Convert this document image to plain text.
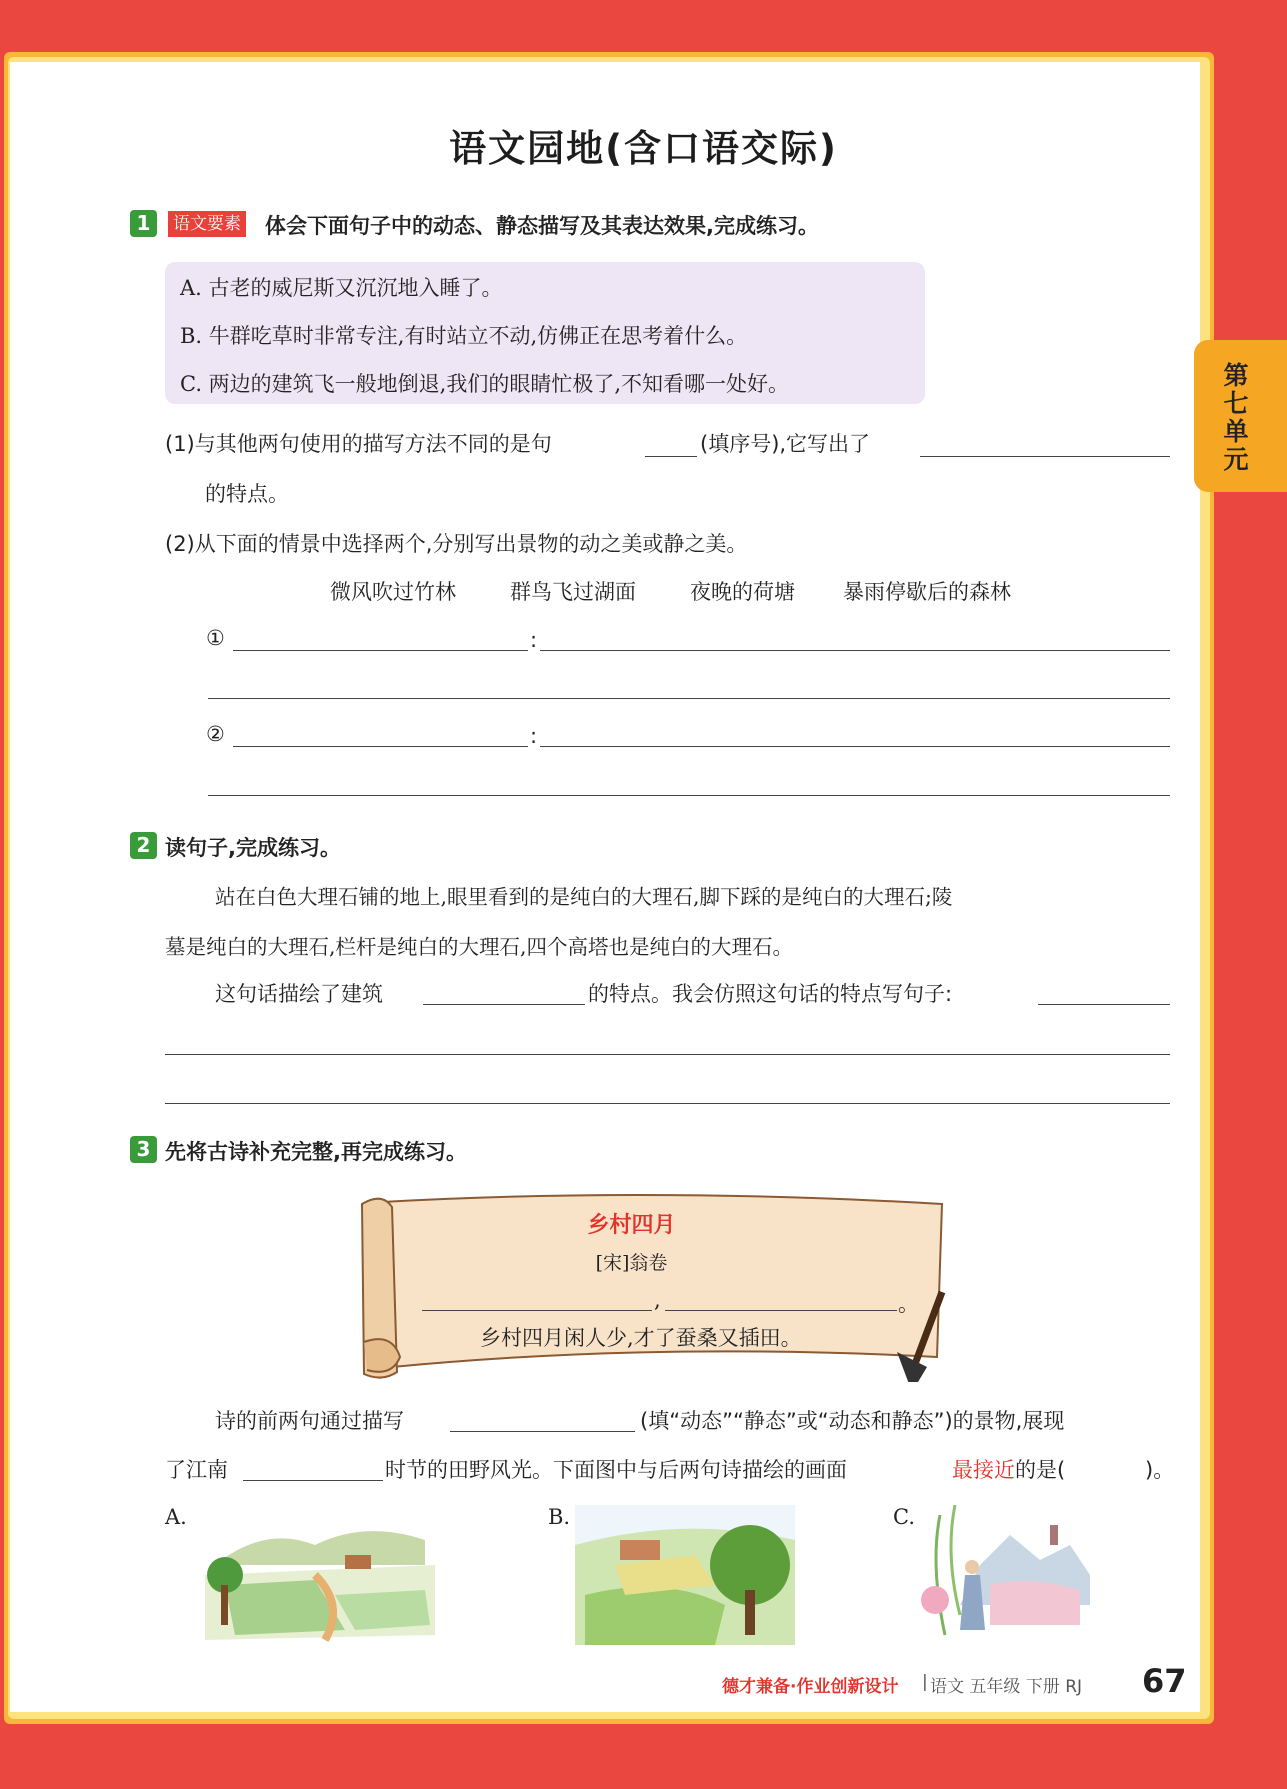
第七单元
语文园地(含口语交际)
1	语文要素 体会下面句子中的动态、静态描写及其表达效果,完成练习。
A. 古老的威尼斯又沉沉地入睡了。
B. 牛群吃草时非常专注,有时站立不动,仿佛正在思考着什么。
C. 两边的建筑飞一般地倒退,我们的眼睛忙极了,不知看哪一处好。
(1)与其他两句使用的描写方法不同的是句	(填序号),它写出了
的特点。
(2)从下面的情景中选择两个,分别写出景物的动之美或静之美。
微风吹过竹林	群鸟飞过湖面	夜晚的荷塘 暴雨停歇后的森林
①	:
②	:
2 读句子,完成练习。
站在白色大理石铺的地上,眼里看到的是纯白的大理石,脚下踩的是纯白的大理石;陵
墓是纯白的大理石,栏杆是纯白的大理石,四个高塔也是纯白的大理石。
这句话描绘了建筑	的特点。我会仿照这句话的特点写句子:
3 先将古诗补充完整,再完成练习。
乡村四月
[宋]翁卷
,	。
乡村四月闲人少,才了蚕桑又插田。
诗的前两句通过描写	(填“动态”“静态”或“动态和静态”)的景物,展现
了江南	时节的田野风光。下面图中与后两句诗描绘的画面	最接近 的是(	)。
A.	B.	C.
德才兼备·作业创新设计 | 语文 五年级 下册 RJ 67
